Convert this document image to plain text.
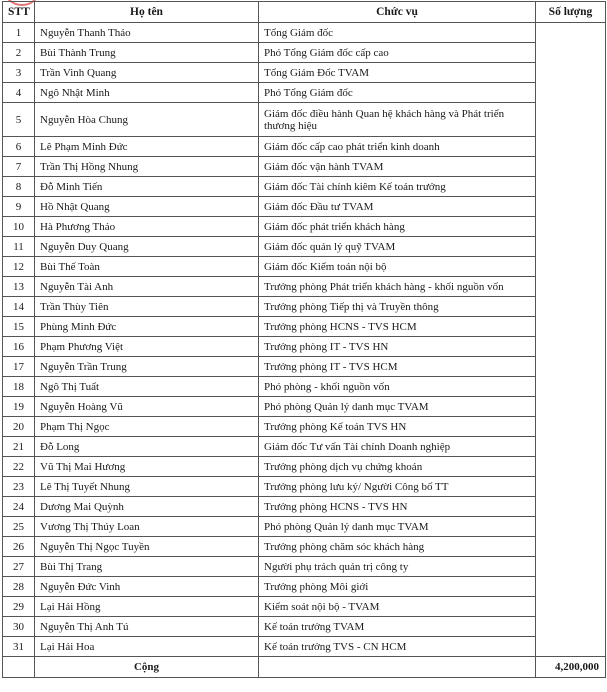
STT	Họ tên	Chức vụ	Số lượng
1	Nguyễn Thanh Thảo	Tổng Giám đốc	
2	Bùi Thành Trung	Phó Tổng Giám đốc cấp cao	
3	Trần Vinh Quang	Tổng Giám Đốc TVAM	
4	Ngô Nhật Minh	Phó Tổng Giám đốc	
5	Nguyễn Hòa Chung	Giám đốc điều hành Quan hệ khách hàng và Phát triển thương hiệu	
6	Lê Phạm Minh Đức	Giám đốc cấp cao phát triển kinh doanh	
7	Trần Thị Hồng Nhung	Giám đốc vận hành TVAM	
8	Đỗ Minh Tiến	Giám đốc Tài chính kiêm Kế toán trưởng	
9	Hồ Nhật Quang	Giám đốc Đầu tư TVAM	
10	Hà Phương Thảo	Giám đốc phát triển khách hàng	
11	Nguyễn Duy Quang	Giám đốc quản lý quỹ TVAM	
12	Bùi Thế Toàn	Giám đốc Kiểm toán nội bộ	
13	Nguyễn Tài Anh	Trưởng phòng Phát triển khách hàng - khối nguồn vốn	
14	Trần Thùy Tiên	Trưởng phòng Tiếp thị và Truyền thông	
15	Phùng Minh Đức	Trưởng phòng HCNS - TVS HCM	
16	Phạm Phương Việt	Trưởng phòng IT - TVS HN	
17	Nguyễn Trần Trung	Trưởng phòng IT - TVS HCM	
18	Ngô Thị Tuất	Phó phòng - khối nguồn vốn	
19	Nguyễn Hoàng Vũ	Phó phòng Quản lý danh mục TVAM	
20	Phạm Thị Ngọc	Trưởng phòng Kế toán TVS HN	
21	Đỗ Long	Giám đốc Tư vấn Tài chính Doanh nghiệp	
22	Vũ Thị Mai Hương	Trưởng phòng dịch vụ chứng khoán	
23	Lê Thị Tuyết Nhung	Trưởng phòng lưu ký/ Người Công bố TT	
24	Dương Mai Quỳnh	Trưởng phòng HCNS - TVS HN	
25	Vương Thị Thúy Loan	Phó phòng Quản lý danh mục TVAM	
26	Nguyễn Thị Ngọc Tuyền	Trưởng phòng chăm sóc khách hàng	
27	Bùi Thị Trang	Người phụ trách quản trị công ty	
28	Nguyễn Đức Vinh	Trưởng phòng Môi giới	
29	Lại Hải Hồng	Kiểm soát nội bộ - TVAM	
30	Nguyễn Thị Anh Tú	Kế toán trưởng TVAM	
31	Lại Hải Hoa	Kế toán trưởng TVS - CN HCM	
	Cộng		4,200,000
